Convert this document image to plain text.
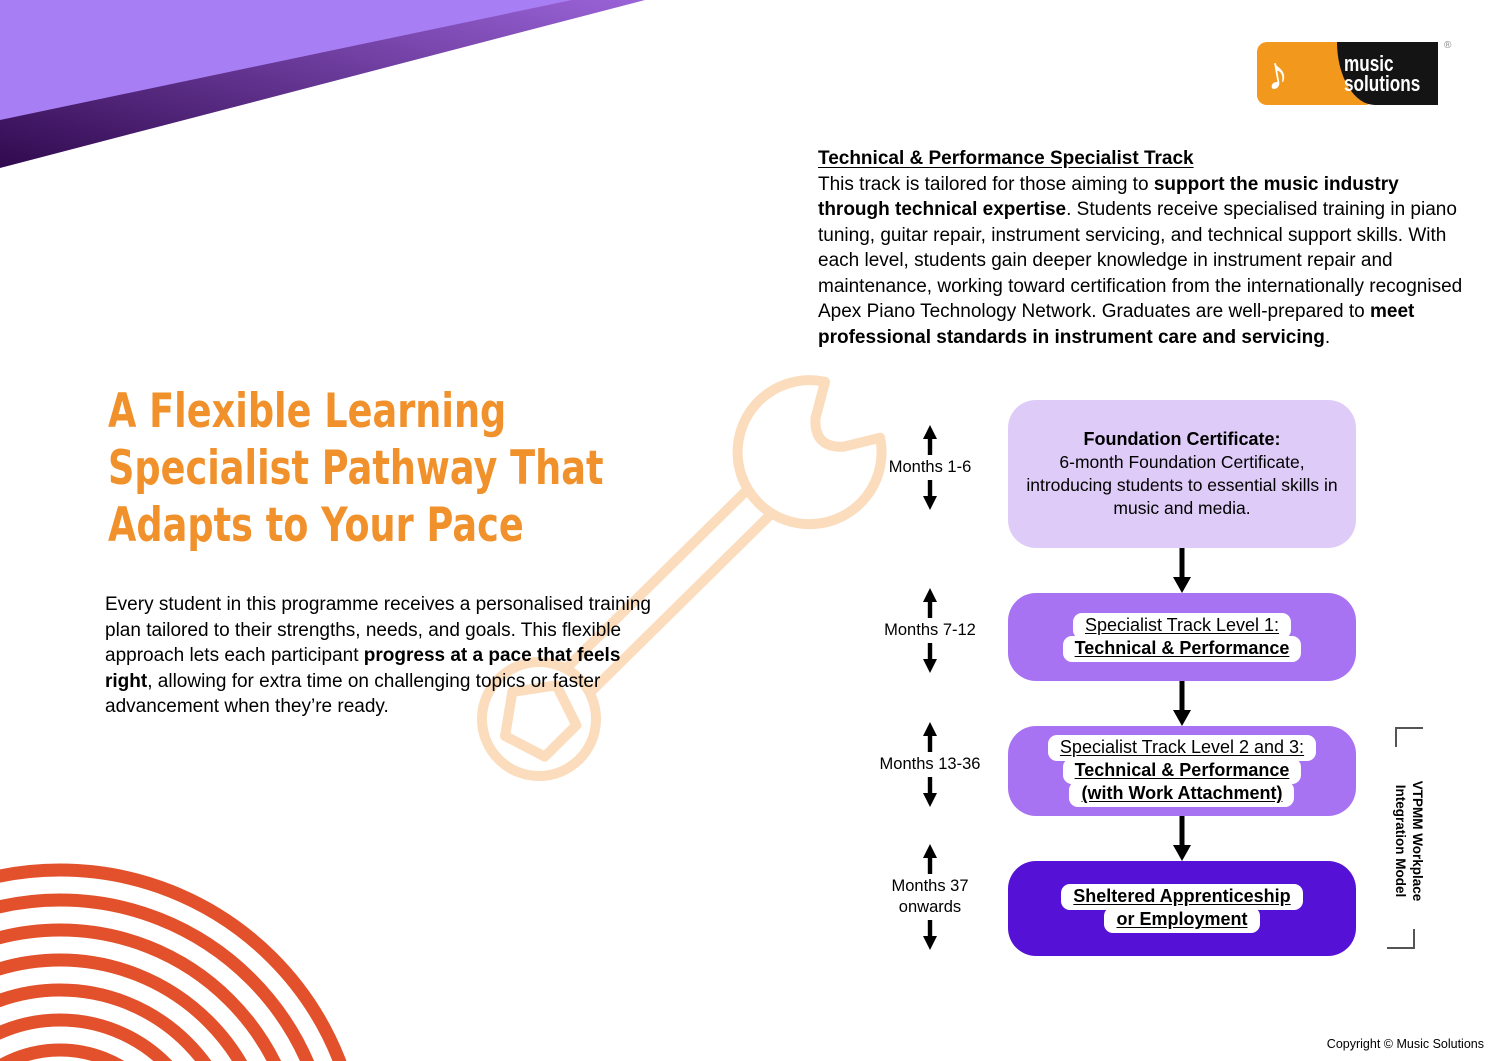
♪ music
solutions
®
Technical & Performance Specialist Track
This track is tailored for those aiming to support the music industry through technical expertise. Students receive specialised training in piano tuning, guitar repair, instrument servicing, and technical support skills. With each level, students gain deeper knowledge in instrument repair and maintenance, working toward certification from the internationally recognised Apex Piano Technology Network. Graduates are well-prepared to meet professional standards in instrument care and servicing.
A Flexible Learning
Specialist Pathway That
Adapts to Your Pace
Every student in this programme receives a personalised training plan tailored to their strengths, needs, and goals. This flexible approach lets each participant progress at a pace that feels right, allowing for extra time on challenging topics or faster advancement when they’re ready.
Months 1-6
Months 7-12
Months 13-36
Months 37
onwards
Foundation Certificate:
6-month Foundation Certificate, introducing students to essential skills in music and media.
Specialist Track Level 1:
Technical & Performance
Specialist Track Level 2 and 3:
Technical & Performance
(with Work Attachment)
Sheltered Apprenticeship
or Employment
VTPMM Workplace
Integration Model
Copyright © Music Solutions
